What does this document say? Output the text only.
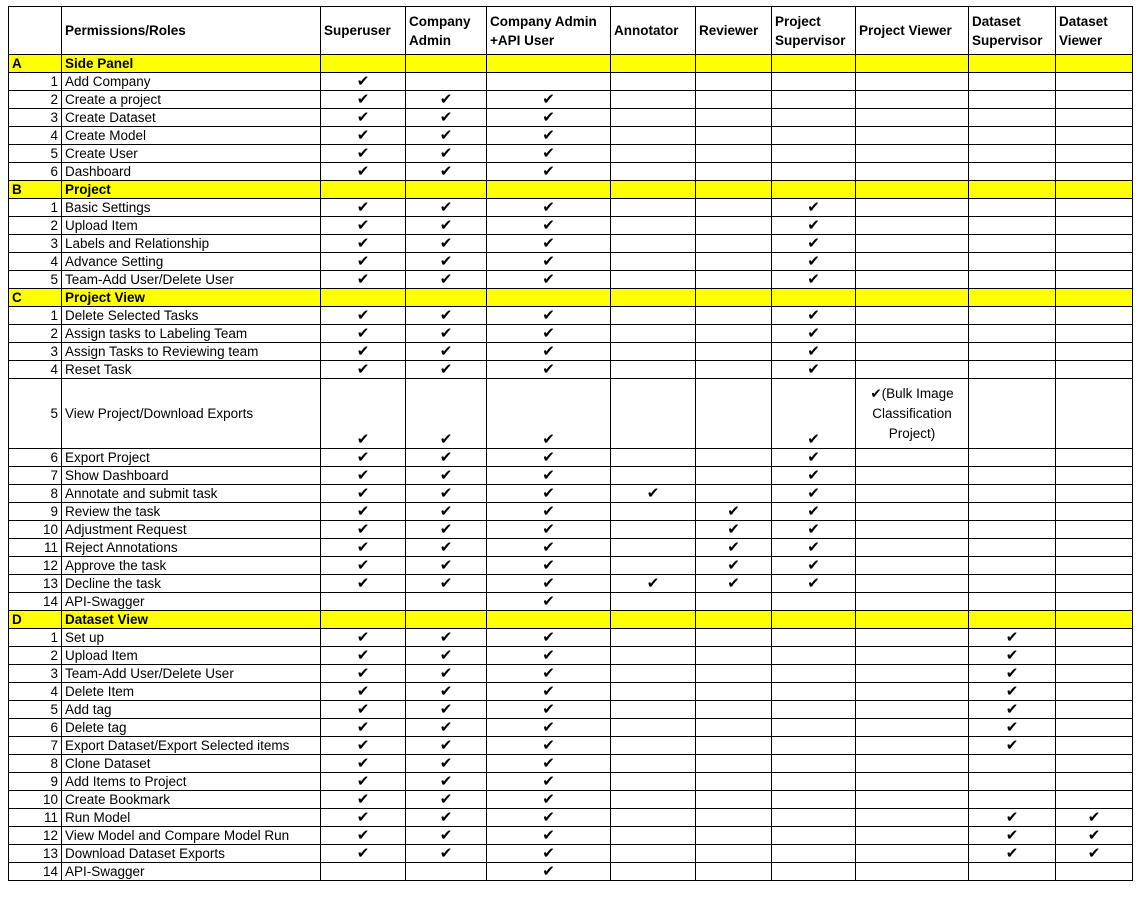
	Permissions/Roles	Superuser	Company Admin	Company Admin +API User	Annotator	Reviewer	Project Supervisor	Project Viewer	Dataset Supervisor	Dataset Viewer
A	Side Panel									
1	Add Company	✔								
2	Create a project	✔	✔	✔						
3	Create Dataset	✔	✔	✔						
4	Create Model	✔	✔	✔						
5	Create User	✔	✔	✔						
6	Dashboard	✔	✔	✔						
B	Project									
1	Basic Settings	✔	✔	✔			✔			
2	Upload Item	✔	✔	✔			✔			
3	Labels and Relationship	✔	✔	✔			✔			
4	Advance Setting	✔	✔	✔			✔			
5	Team-Add User/Delete User	✔	✔	✔			✔			
C	Project View									
1	Delete Selected Tasks	✔	✔	✔			✔			
2	Assign tasks to Labeling Team	✔	✔	✔			✔			
3	Assign Tasks to Reviewing team	✔	✔	✔			✔			
4	Reset Task	✔	✔	✔			✔			
5	View Project/Download Exports	✔	✔	✔			✔	✔(Bulk Image Classification Project)		
6	Export Project	✔	✔	✔			✔			
7	Show Dashboard	✔	✔	✔			✔			
8	Annotate and submit task	✔	✔	✔	✔		✔			
9	Review the task	✔	✔	✔		✔	✔			
10	Adjustment Request	✔	✔	✔		✔	✔			
11	Reject Annotations	✔	✔	✔		✔	✔			
12	Approve the task	✔	✔	✔		✔	✔			
13	Decline the task	✔	✔	✔	✔	✔	✔			
14	API-Swagger			✔						
D	Dataset View									
1	Set up	✔	✔	✔					✔	
2	Upload Item	✔	✔	✔					✔	
3	Team-Add User/Delete User	✔	✔	✔					✔	
4	Delete Item	✔	✔	✔					✔	
5	Add tag	✔	✔	✔					✔	
6	Delete tag	✔	✔	✔					✔	
7	Export Dataset/Export Selected items	✔	✔	✔					✔	
8	Clone Dataset	✔	✔	✔						
9	Add Items to Project	✔	✔	✔						
10	Create Bookmark	✔	✔	✔						
11	Run Model	✔	✔	✔					✔	✔
12	View Model and Compare Model Run	✔	✔	✔					✔	✔
13	Download Dataset Exports	✔	✔	✔					✔	✔
14	API-Swagger			✔						
